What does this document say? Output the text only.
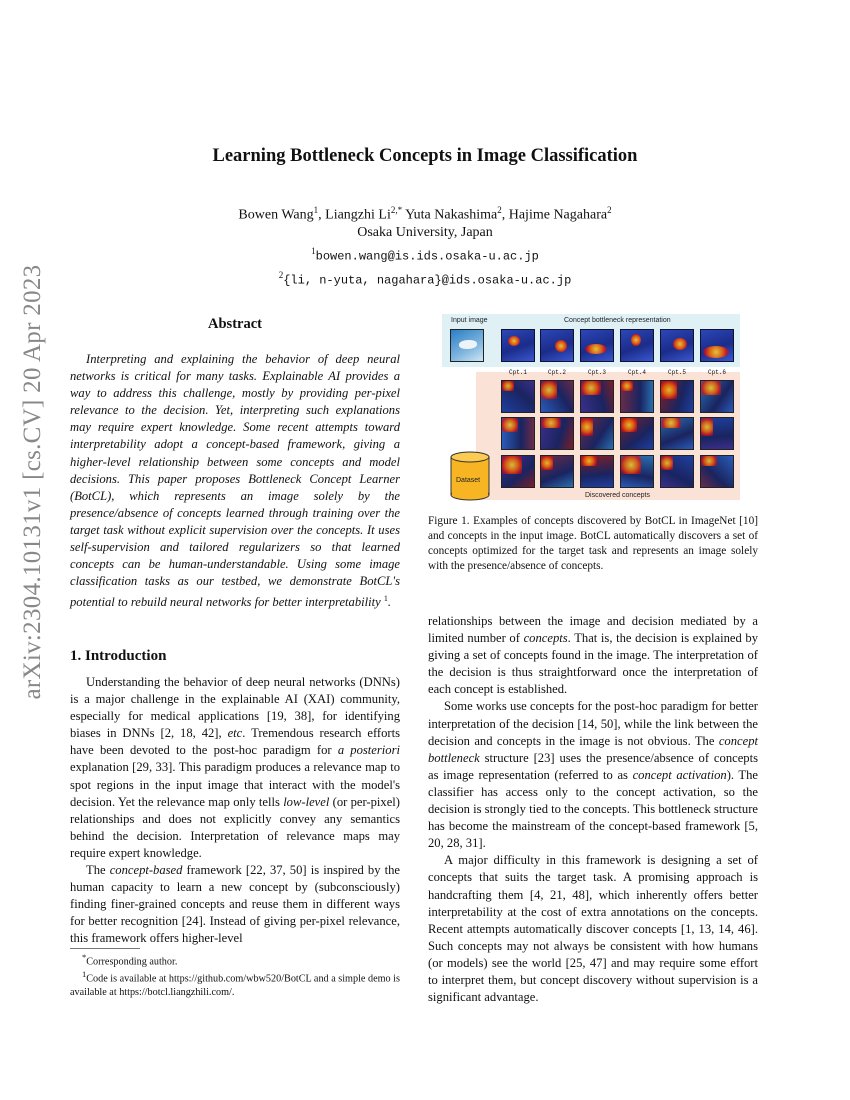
arXiv:2304.10131v1 [cs.CV] 20 Apr 2023
Learning Bottleneck Concepts in Image Classification
Bowen Wang$^1$, Liangzhi $Li^{2,*}$ Yuta Nakashima$^2$, Hajime Nagahara$^2$
Osaka University, Japan
$^1$bowen.wang@is.ids.osaka-u.ac.jp
$^2${li, n-yuta, nagahara}@ids.osaka-u.ac.jp
Abstract

Interpreting and explaining the behavior of deep neural networks is critical for many tasks. Explainable AI provides a way to address this challenge, mostly by providing per-pixel relevance to the decision. Yet, interpreting such explanations may require expert knowledge. Some recent attempts toward interpretability adopt a concept-based framework, giving a higher-level relationship between some concepts and model decisions. This paper proposes Bottleneck Concept Learner (BotCL), which represents an image solely by the presence/absence of concepts learned through training over the target task without explicit supervision over the concepts. It uses self-supervision and tailored regularizers so that learned concepts can be human-understandable. Using some image classification tasks as our testbed, we demonstrate BotCL's potential to rebuild neural networks for better interpretability $^1$.

Input image	Concept bottleneck representation
Cpt.1	Cpt.2	Cpt.3	Cpt.4	Cpt.5	Cpt.6
Dataset
Discovered concepts
Figure 1. Examples of concepts discovered by BotCL in ImageNet [10] and concepts in the input image. BotCL automatically discovers a set of concepts optimized for the target task and represents an image solely with the presence/absence of concepts.
1. Introduction

Understanding the behavior of deep neural networks (DNNs) is a major challenge in the explainable AI (XAI) community, especially for medical applications [19, 38], for identifying biases in DNNs [2, 18, 42], etc. Tremendous research efforts have been devoted to the post-hoc paradigm for a posteriori explanation [29, 33]. This paradigm produces a relevance map to spot regions in the input image that interact with the model's decision. Yet the relevance map only tells low-level (or per-pixel) relationships and does not explicitly convey any semantics behind the decision. Interpretation of relevance maps may require expert knowledge.

The concept-based framework [22, 37, 50] is inspired by the human capacity to learn a new concept by (subconsciously) finding finer-grained concepts and reuse them in different ways for better recognition [24]. Instead of giving per-pixel relevance, this framework offers higher-level

relationships between the image and decision mediated by a limited number of concepts. That is, the decision is explained by giving a set of concepts found in the image. The interpretation of the decision is thus straightforward once the interpretation of each concept is established.

Some works use concepts for the post-hoc paradigm for better interpretation of the decision [14, 50], while the link between the decision and concepts in the image is not obvious. The concept bottleneck structure [23] uses the presence/absence of concepts as image representation (referred to as concept activation). The classifier has access only to the concept activation, so the decision is strongly tied to the concepts. This bottleneck structure has become the mainstream of the concept-based framework [5, 20, 28, 31].

A major difficulty in this framework is designing a set of concepts that suits the target task. A promising approach is handcrafting them [4, 21, 48], which inherently offers better interpretability at the cost of extra annotations on the concepts. Recent attempts automatically discover concepts [1, 13, 14, 46]. Such concepts may not always be consistent with how humans (or models) see the world [25, 47] and may require some effort to interpret them, but concept discovery without supervision is a significant advantage.

*Corresponding author.

$^1$Code is available at https://github.com/wbw520/BotCL and a simple demo is available at https://botcl.liangzhili.com/.
